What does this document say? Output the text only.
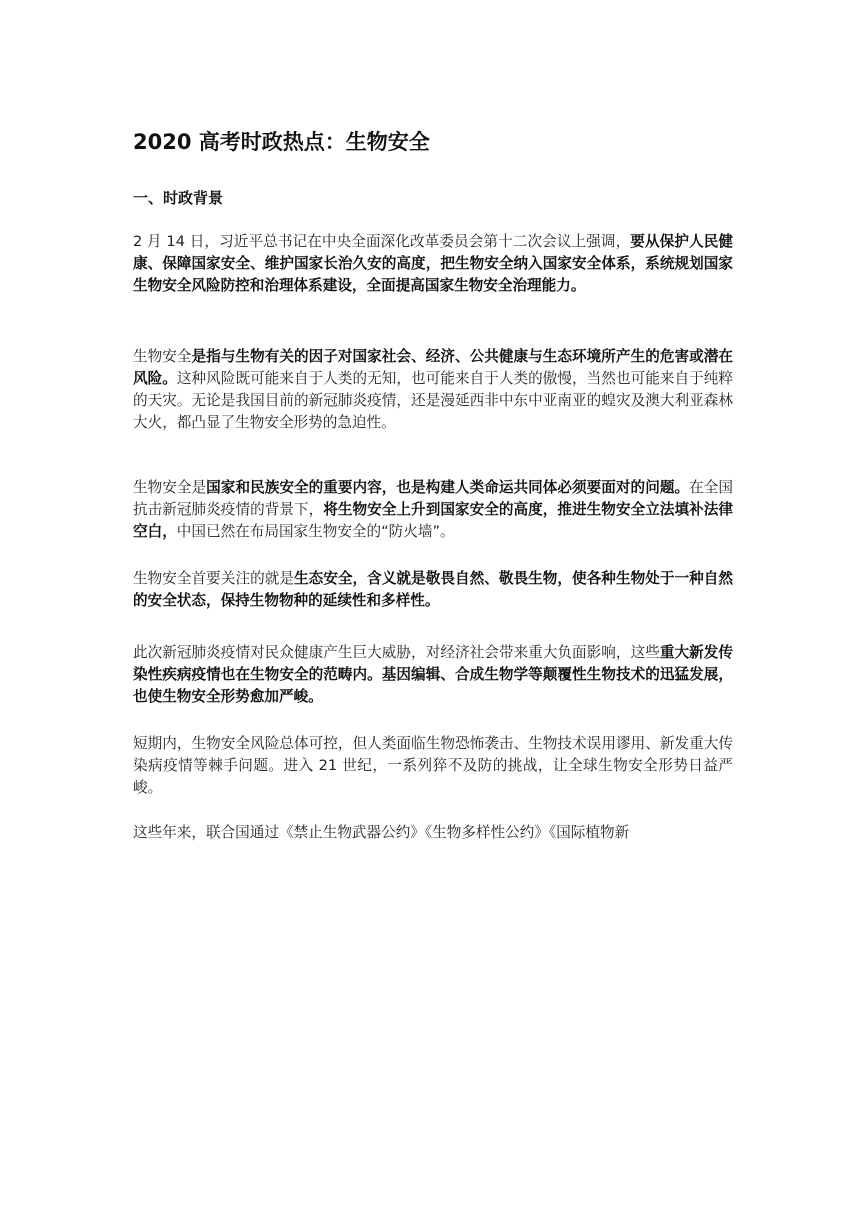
2020 高考时政热点：生物安全
一、时政背景

2 月 14 日，习近平总书记在中央全面深化改革委员会第十二次会议上强调，要从保护人民健康、保障国家安全、维护国家长治久安的高度，把生物安全纳入国家安全体系，系统规划国家生物安全风险防控和治理体系建设，全面提高国家生物安全治理能力。

生物安全是指与生物有关的因子对国家社会、经济、公共健康与生态环境所产生的危害或潜在风险。这种风险既可能来自于人类的无知，也可能来自于人类的傲慢，当然也可能来自于纯粹的天灾。无论是我国目前的新冠肺炎疫情，还是漫延西非中东中亚南亚的蝗灾及澳大利亚森林大火，都凸显了生物安全形势的急迫性。

生物安全是国家和民族安全的重要内容，也是构建人类命运共同体必须要面对的问题。在全国抗击新冠肺炎疫情的背景下，将生物安全上升到国家安全的高度，推进生物安全立法填补法律空白，中国已然在布局国家生物安全的“防火墙”。

生物安全首要关注的就是生态安全，含义就是敬畏自然、敬畏生物，使各种生物处于一种自然的安全状态，保持生物物种的延续性和多样性。

此次新冠肺炎疫情对民众健康产生巨大威胁，对经济社会带来重大负面影响，这些重大新发传染性疾病疫情也在生物安全的范畴内。基因编辑、合成生物学等颠覆性生物技术的迅猛发展，也使生物安全形势愈加严峻。

短期内，生物安全风险总体可控，但人类面临生物恐怖袭击、生物技术误用谬用、新发重大传染病疫情等棘手问题。进入 21 世纪，一系列猝不及防的挑战，让全球生物安全形势日益严峻。

这些年来，联合国通过《禁止生物武器公约》《生物多样性公约》《国际植物新
